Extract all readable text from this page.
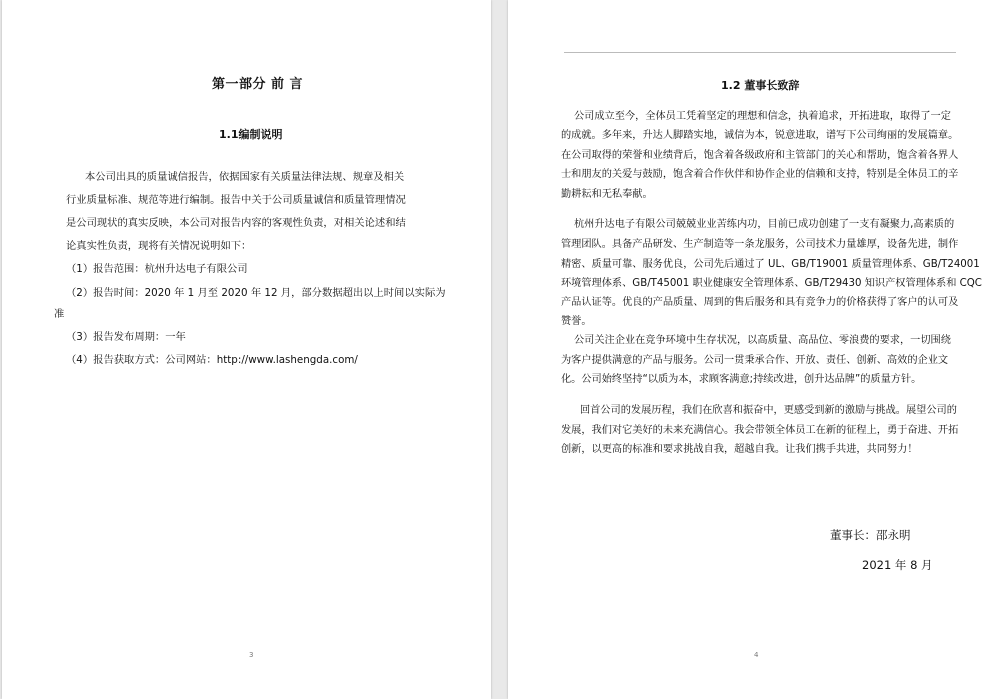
第一部分 前 言
1.1编制说明
本公司出具的质量诚信报告，依据国家有关质量法律法规、规章及相关
行业质量标准、规范等进行编制。报告中关于公司质量诚信和质量管理情况
是公司现状的真实反映，本公司对报告内容的客观性负责，对相关论述和结
论真实性负责，现将有关情况说明如下：
（1）报告范围：杭州升达电子有限公司
（2）报告时间：2020 年 1 月至 2020 年 12 月，部分数据超出以上时间以实际为
准
（3）报告发布周期：一年
（4）报告获取方式：公司网站：http://www.lashengda.com/
3
1.2 董事长致辞
公司成立至今，全体员工凭着坚定的理想和信念，执着追求，开拓进取，取得了一定
的成就。多年来，升达人脚踏实地，诚信为本，锐意进取，谱写下公司绚丽的发展篇章。
在公司取得的荣誉和业绩背后，饱含着各级政府和主管部门的关心和帮助，饱含着各界人
士和朋友的关爱与鼓励，饱含着合作伙伴和协作企业的信赖和支持，特别是全体员工的辛
勤耕耘和无私奉献。
杭州升达电子有限公司兢兢业业苦练内功，目前已成功创建了一支有凝聚力,高素质的
管理团队。具备产品研发、生产制造等一条龙服务，公司技术力量雄厚，设备先进，制作
精密、质量可靠、服务优良，公司先后通过了 UL、GB/T19001 质量管理体系、GB/T24001
环境管理体系、GB/T45001 职业健康安全管理体系、GB/T29430 知识产权管理体系和 CQC
产品认证等。优良的产品质量、周到的售后服务和具有竞争力的价格获得了客户的认可及
赞誉。
公司关注企业在竞争环境中生存状况，以高质量、高品位、零浪费的要求，一切围绕
为客户提供满意的产品与服务。公司一贯秉承合作、开放、责任、创新、高效的企业文
化。公司始终坚持“以质为本，求顾客满意;持续改进，创升达品牌”的质量方针。
回首公司的发展历程，我们在欣喜和振奋中，更感受到新的激励与挑战。展望公司的
发展，我们对它美好的未来充满信心。我会带领全体员工在新的征程上，勇于奋进、开拓
创新，以更高的标准和要求挑战自我，超越自我。让我们携手共进，共同努力！
董事长：邵永明
2021 年 8 月
4
